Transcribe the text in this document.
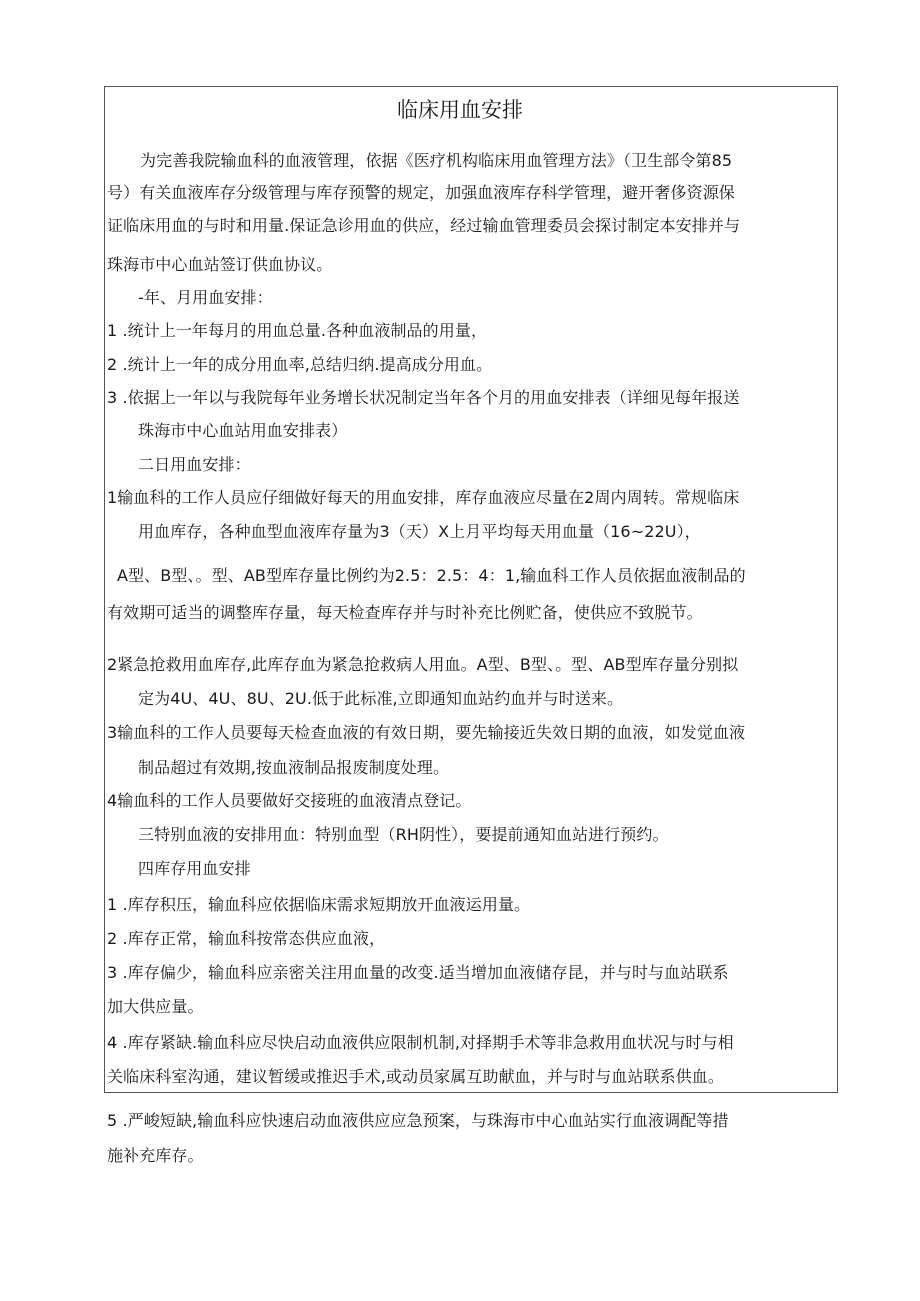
临床用血安排
为完善我院输血科的血液管理，依据《医疗机构临床用血管理方法》（卫生部令第85
号）有关血液库存分级管理与库存预警的规定，加强血液库存科学管理，避开奢侈资源保
证临床用血的与时和用量.保证急诊用血的供应，经过输血管理委员会探讨制定本安排并与
珠海市中心血站签订供血协议。
-年、月用血安排：
1 .统计上一年每月的用血总量.各种血液制品的用量，
2 .统计上一年的成分用血率,总结归纳.提高成分用血。
3 .依据上一年以与我院每年业务增长状况制定当年各个月的用血安排表（详细见每年报送
珠海市中心血站用血安排表）
二日用血安排：
1输血科的工作人员应仔细做好每天的用血安排，库存血液应尽量在2周内周转。常规临床
用血库存，各种血型血液库存量为3（天）X上月平均每天用血量（16~22U），
A型、B型、。型、AB型库存量比例约为2.5：2.5：4：1,输血科工作人员依据血液制品的
有效期可适当的调整库存量，每天检查库存并与时补充比例贮备，使供应不致脱节。
2紧急抢救用血库存,此库存血为紧急抢救病人用血。A型、B型、。型、AB型库存量分别拟
定为4U、4U、8U、2U.低于此标准,立即通知血站约血并与时送来。
3输血科的工作人员要每天检查血液的有效日期，要先输接近失效日期的血液，如发觉血液
制品超过有效期,按血液制品报废制度处理。
4输血科的工作人员要做好交接班的血液清点登记。
三特别血液的安排用血：特别血型（RH阴性），要提前通知血站进行预约。
四库存用血安排
1 .库存积压，输血科应依据临床需求短期放开血液运用量。
2 .库存正常，输血科按常态供应血液，
3 .库存偏少，输血科应亲密关注用血量的改变.适当增加血液储存昆，并与时与血站联系
加大供应量。
4 .库存紧缺.输血科应尽快启动血液供应限制机制,对择期手术等非急救用血状况与时与相
关临床科室沟通，建议暂缓或推迟手术,或动员家属互助献血，并与时与血站联系供血。
5 .严峻短缺,输血科应快速启动血液供应应急预案，与珠海市中心血站实行血液调配等措
施补充库存。
